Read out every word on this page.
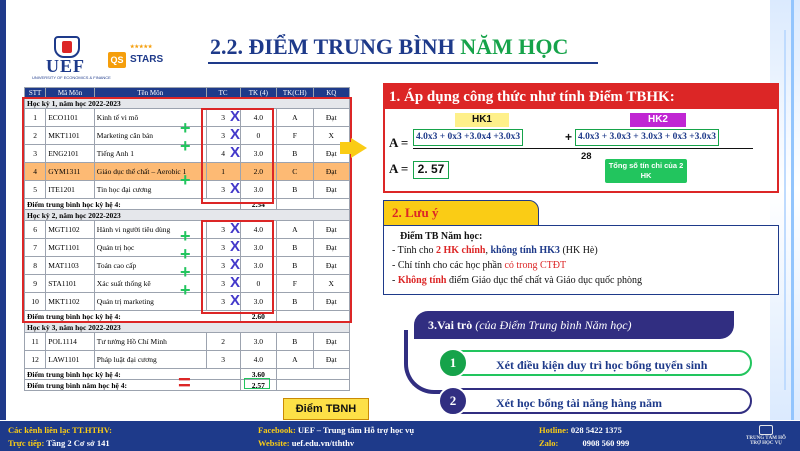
UEF
UNIVERSITY OF ECONOMICS & FINANCE
★★★★★
QS STARS
2.2. ĐIỂM TRUNG BÌNH NĂM HỌC
STT	Mã Môn	Tên Môn	TC	TK (4)	TK(CH)	KQ
Học kỳ 1, năm học 2022-2023						
1	ECO1101	Kinh tế vi mô	3	4.0	A	Đạt
2	MKT1101	Marketing căn bản	3	0	F	X
3	ENG2101	Tiếng Anh 1	4	3.0	B	Đạt
4	GYM1311	Giáo dục thể chất – Aerobic 1	1	2.0	C	Đạt
5	ITE1201	Tin học đại cương	3	3.0	B	Đạt
Điểm trung bình học kỳ hệ 4:				2.54		
Học kỳ 2, năm học 2022-2023						
6	MGT1102	Hành vi người tiêu dùng	3	4.0	A	Đạt
7	MGT1101	Quản trị học	3	3.0	B	Đạt
8	MAT1103	Toán cao cấp	3	3.0	B	Đạt
9	STA1101	Xác suất thống kê	3	0	F	X
10	MKT1102	Quản trị marketing	3	3.0	B	Đạt
Điểm trung bình học kỳ hệ 4:				2.60		
Học kỳ 3, năm học 2022-2023						
11	POL1114	Tư tưởng Hồ Chí Minh	2	3.0	B	Đạt
12	LAW1101	Pháp luật đại cương	3	4.0	A	Đạt
Điểm trung bình học kỳ hệ 4:				3.60		
Điểm trung bình năm học hệ 4:				2.57		
X
X
X
X
X
X
X
X
X
+
+
+
+
+
+
+
=
Điểm TBNH
1. Áp dụng công thức như tính Điểm TBHK:
HK1	HK2
A = 4.0x3 + 0x3 +3.0x4 +3.0x3	+ 4.0x3 + 3.0x3 + 3.0x3 + 0x3 +3.0x3
28
A = 2. 57	Tổng số tín chỉ của 2 HK
2. Lưu ý
Điểm TB Năm học:
- Tính cho 2 HK chính, không tính HK3 (HK Hè)
- Chỉ tính cho các học phần có trong CTĐT
- Không tính điểm Giáo dục thể chất và Giáo dục quốc phòng
3.Vai trò (của Điểm Trung bình Năm học)
Xét điều kiện duy trì học bổng tuyển sinh
1
Xét học bổng tài năng hàng năm
2
Các kênh liên lạc TT.HTHV:
Trực tiếp: Tầng 2 Cơ sở 141
Facebook: UEF – Trung tâm Hỗ trợ học vụ
Website: uef.edu.vn/tththv
Hotline: 028 5422 1375
Zalo:	0908 560 999	TRUNG TÂM HỖ TRỢ HỌC VỤ
